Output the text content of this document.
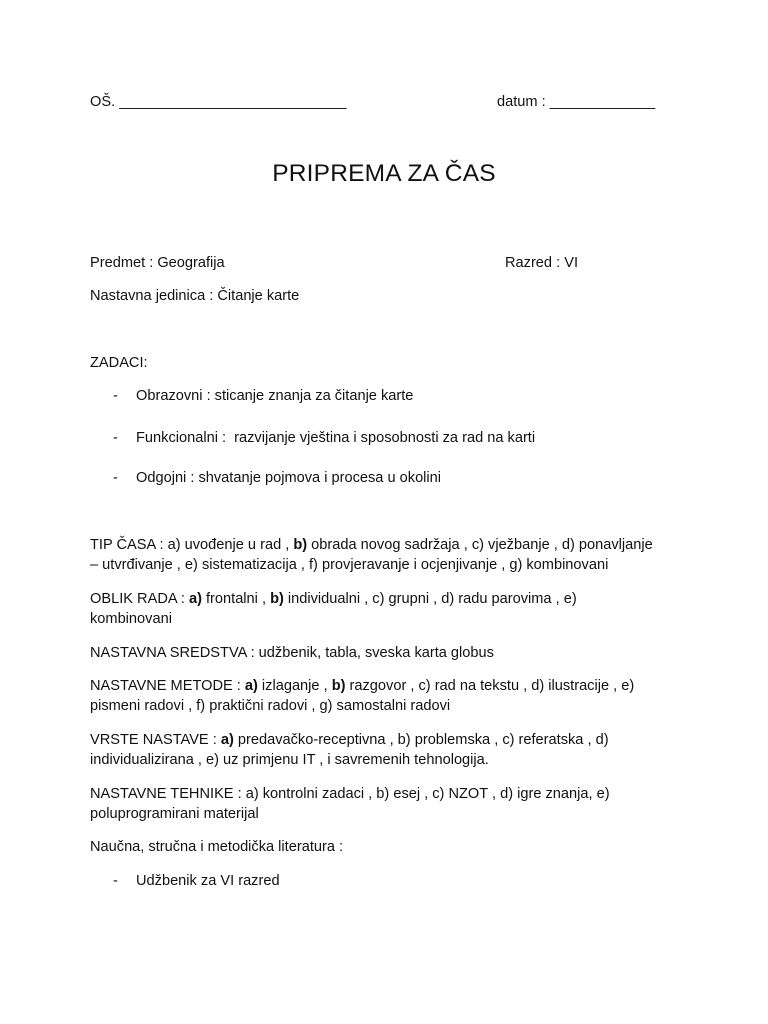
OŠ. ____________________________	datum : _____________
PRIPREMA ZA ČAS
Predmet : Geografija	Razred : VI
Nastavna jedinica : Čitanje karte
ZADACI:
- Obrazovni : sticanje znanja za čitanje karte
- Funkcionalni :  razvijanje vještina i sposobnosti za rad na karti
- Odgojni : shvatanje pojmova i procesa u okolini
TIP ČASA : a) uvođenje u rad , b) obrada novog sadržaja , c) vježbanje , d) ponavljanje
– utvrđivanje , e) sistematizacija , f) provjeravanje i ocjenjivanje , g) kombinovani
OBLIK RADA : a) frontalni , b) individualni , c) grupni , d) radu parovima , e)
kombinovani
NASTAVNA SREDSTVA : udžbenik, tabla, sveska karta globus
NASTAVNE METODE : a) izlaganje , b) razgovor , c) rad na tekstu , d) ilustracije , e)
pismeni radovi , f) praktični radovi , g) samostalni radovi
VRSTE NASTAVE : a) predavačko-receptivna , b) problemska , c) referatska , d)
individualizirana , e) uz primjenu IT , i savremenih tehnologija.
NASTAVNE TEHNIKE : a) kontrolni zadaci , b) esej , c) NZOT , d) igre znanja, e)
poluprogramirani materijal
Naučna, stručna i metodička literatura :
- Udžbenik za VI razred
